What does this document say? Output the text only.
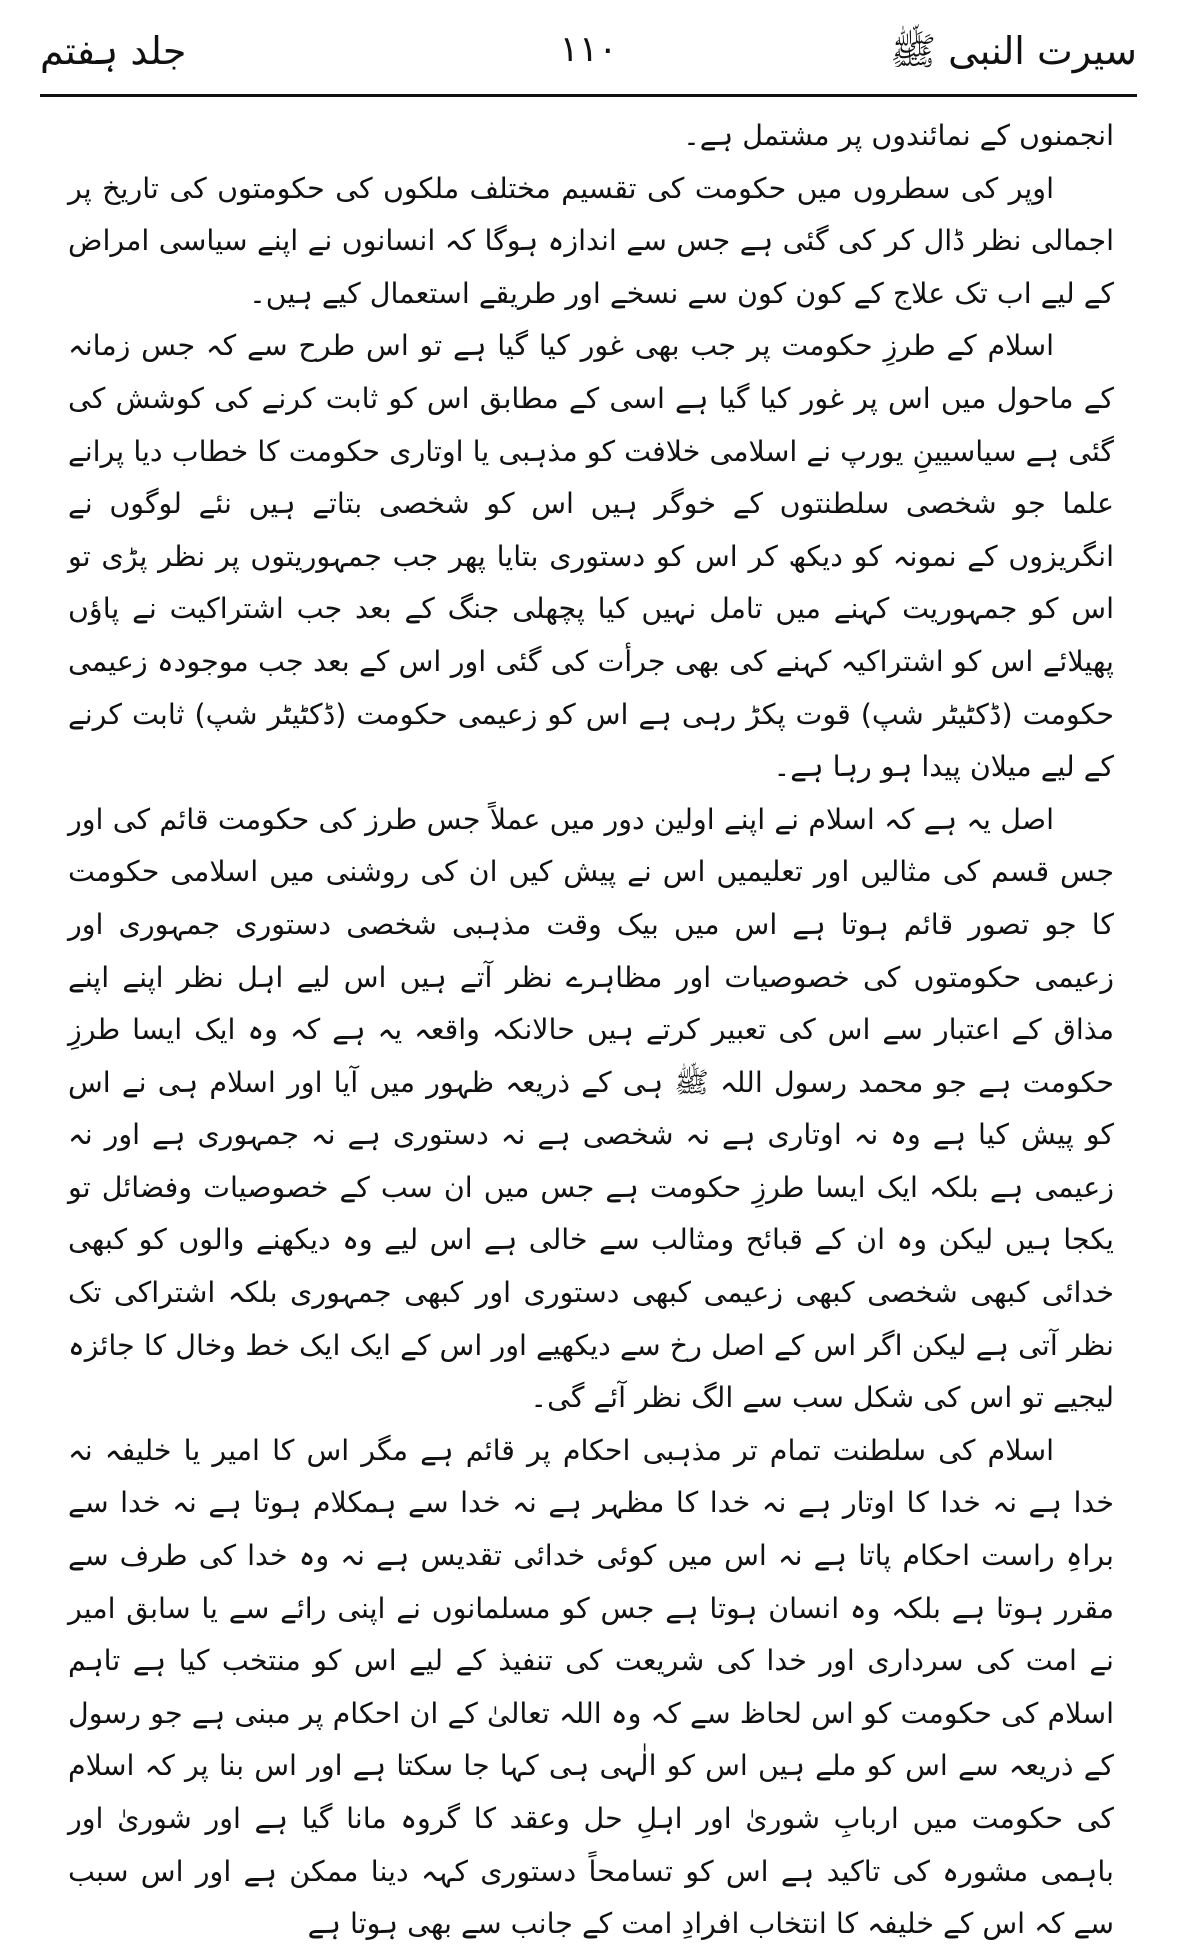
سیرت النبی ﷺ
۱۱۰
جلد ہفتم

انجمنوں کے نمائندوں پر مشتمل ہے۔

اوپر کی سطروں میں حکومت کی تقسیم مختلف ملکوں کی حکومتوں کی تاریخ پر اجمالی نظر ڈال کر کی گئی ہے جس سے اندازہ ہوگا کہ انسانوں نے اپنے سیاسی امراض کے لیے اب تک علاج کے کون کون سے نسخے اور طریقے استعمال کیے ہیں۔

اسلام کے طرزِ حکومت پر جب بھی غور کیا گیا ہے تو اس طرح سے کہ جس زمانہ کے ماحول میں اس پر غور کیا گیا ہے اسی کے مطابق اس کو ثابت کرنے کی کوشش کی گئی ہے سیاسیینِ یورپ نے اسلامی خلافت کو مذہبی یا اوتاری حکومت کا خطاب دیا پرانے علما جو شخصی سلطنتوں کے خوگر ہیں اس کو شخصی بتاتے ہیں نئے لوگوں نے انگریزوں کے نمونہ کو دیکھ کر اس کو دستوری بتایا پھر جب جمہوریتوں پر نظر پڑی تو اس کو جمہوریت کہنے میں تامل نہیں کیا پچھلی جنگ کے بعد جب اشتراکیت نے پاؤں پھیلائے اس کو اشتراکیہ کہنے کی بھی جرأت کی گئی اور اس کے بعد جب موجودہ زعیمی حکومت (ڈکٹیٹر شپ) قوت پکڑ رہی ہے اس کو زعیمی حکومت (ڈکٹیٹر شپ) ثابت کرنے کے لیے میلان پیدا ہو رہا ہے۔

اصل یہ ہے کہ اسلام نے اپنے اولین دور میں عملاً جس طرز کی حکومت قائم کی اور جس قسم کی مثالیں اور تعلیمیں اس نے پیش کیں ان کی روشنی میں اسلامی حکومت کا جو تصور قائم ہوتا ہے اس میں بیک وقت مذہبی شخصی دستوری جمہوری اور زعیمی حکومتوں کی خصوصیات اور مظاہرے نظر آتے ہیں اس لیے اہل نظر اپنے اپنے مذاق کے اعتبار سے اس کی تعبیر کرتے ہیں حالانکہ واقعہ یہ ہے کہ وہ ایک ایسا طرزِ حکومت ہے جو محمد رسول اللہ ﷺ ہی کے ذریعہ ظہور میں آیا اور اسلام ہی نے اس کو پیش کیا ہے وہ نہ اوتاری ہے نہ شخصی ہے نہ دستوری ہے نہ جمہوری ہے اور نہ زعیمی ہے بلکہ ایک ایسا طرزِ حکومت ہے جس میں ان سب کے خصوصیات وفضائل تو یکجا ہیں لیکن وہ ان کے قبائح ومثالب سے خالی ہے اس لیے وہ دیکھنے والوں کو کبھی خدائی کبھی شخصی کبھی زعیمی کبھی دستوری اور کبھی جمہوری بلکہ اشتراکی تک نظر آتی ہے لیکن اگر اس کے اصل رخ سے دیکھیے اور اس کے ایک ایک خط وخال کا جائزہ لیجیے تو اس کی شکل سب سے الگ نظر آئے گی۔

اسلام کی سلطنت تمام تر مذہبی احکام پر قائم ہے مگر اس کا امیر یا خلیفہ نہ خدا ہے نہ خدا کا اوتار ہے نہ خدا کا مظہر ہے نہ خدا سے ہمکلام ہوتا ہے نہ خدا سے براہِ راست احکام پاتا ہے نہ اس میں کوئی خدائی تقدیس ہے نہ وہ خدا کی طرف سے مقرر ہوتا ہے بلکہ وہ انسان ہوتا ہے جس کو مسلمانوں نے اپنی رائے سے یا سابق امیر نے امت کی سرداری اور خدا کی شریعت کی تنفیذ کے لیے اس کو منتخب کیا ہے تاہم اسلام کی حکومت کو اس لحاظ سے کہ وہ اللہ تعالیٰ کے ان احکام پر مبنی ہے جو رسول کے ذریعہ سے اس کو ملے ہیں اس کو الٰہی ہی کہا جا سکتا ہے اور اس بنا پر کہ اسلام کی حکومت میں اربابِ شوریٰ اور اہلِ حل وعقد کا گروہ مانا گیا ہے اور شوریٰ اور باہمی مشورہ کی تاکید ہے اس کو تسامحاً دستوری کہہ دینا ممکن ہے اور اس سبب سے کہ اس کے خلیفہ کا انتخاب افرادِ امت کے جانب سے بھی ہوتا ہے
